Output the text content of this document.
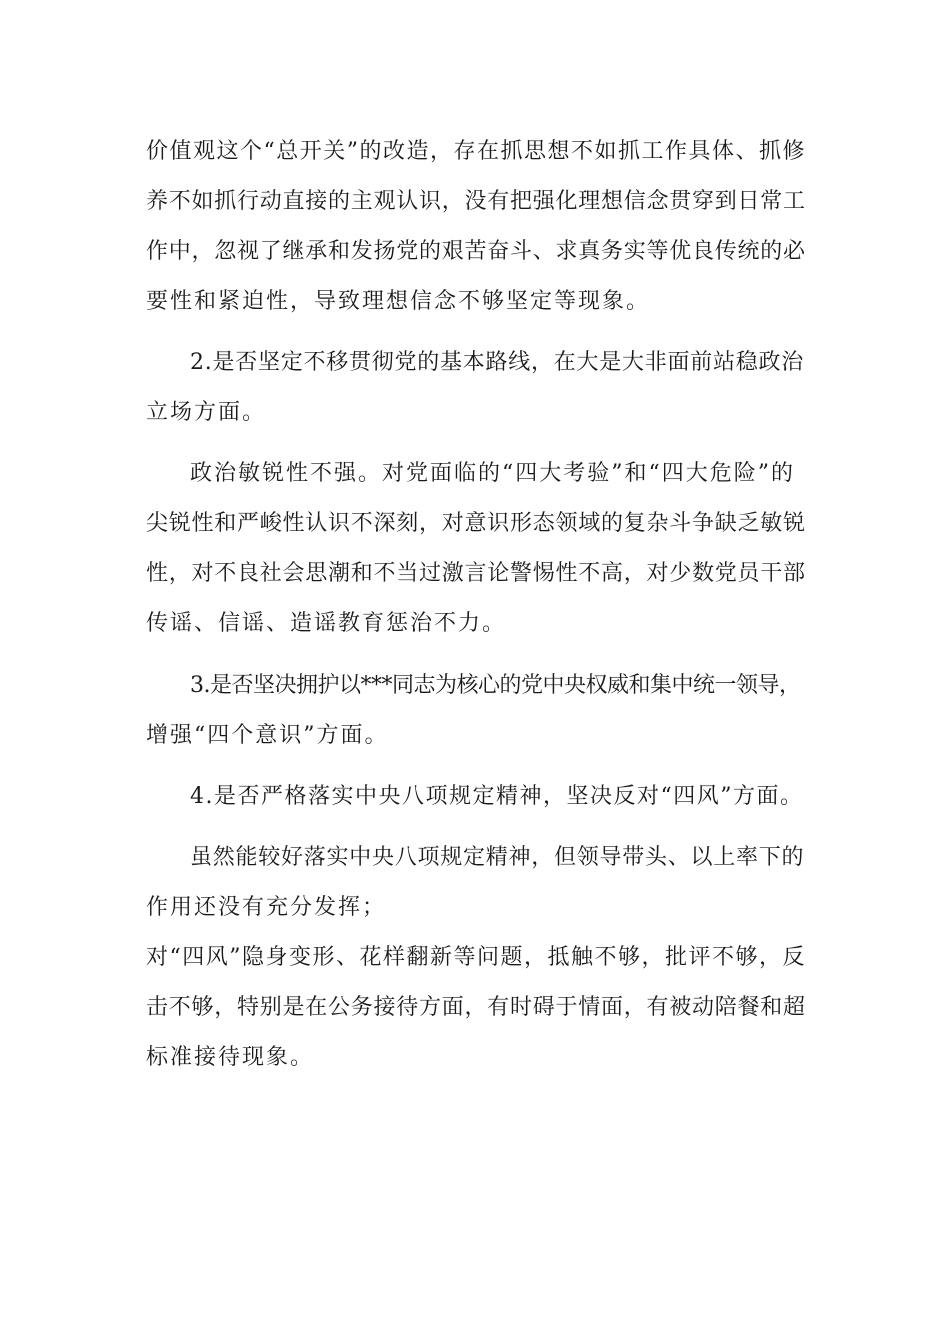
价值观这个“总开关”的改造，存在抓思想不如抓工作具体、抓修
养不如抓行动直接的主观认识，没有把强化理想信念贯穿到日常工
作中，忽视了继承和发扬党的艰苦奋斗、求真务实等优良传统的必
要性和紧迫性，导致理想信念不够坚定等现象。
2.是否坚定不移贯彻党的基本路线，在大是大非面前站稳政治
立场方面。
政治敏锐性不强。对党面临的“四大考验”和“四大危险”的
尖锐性和严峻性认识不深刻，对意识形态领域的复杂斗争缺乏敏锐
性，对不良社会思潮和不当过激言论警惕性不高，对少数党员干部
传谣、信谣、造谣教育惩治不力。
3.是否坚决拥护以***同志为核心的党中央权威和集中统一领导，
增强“四个意识”方面。
4.是否严格落实中央八项规定精神，坚决反对“四风”方面。
虽然能较好落实中央八项规定精神，但领导带头、以上率下的
作用还没有充分发挥；
对“四风”隐身变形、花样翻新等问题，抵触不够，批评不够，反
击不够，特别是在公务接待方面，有时碍于情面，有被动陪餐和超
标准接待现象。
